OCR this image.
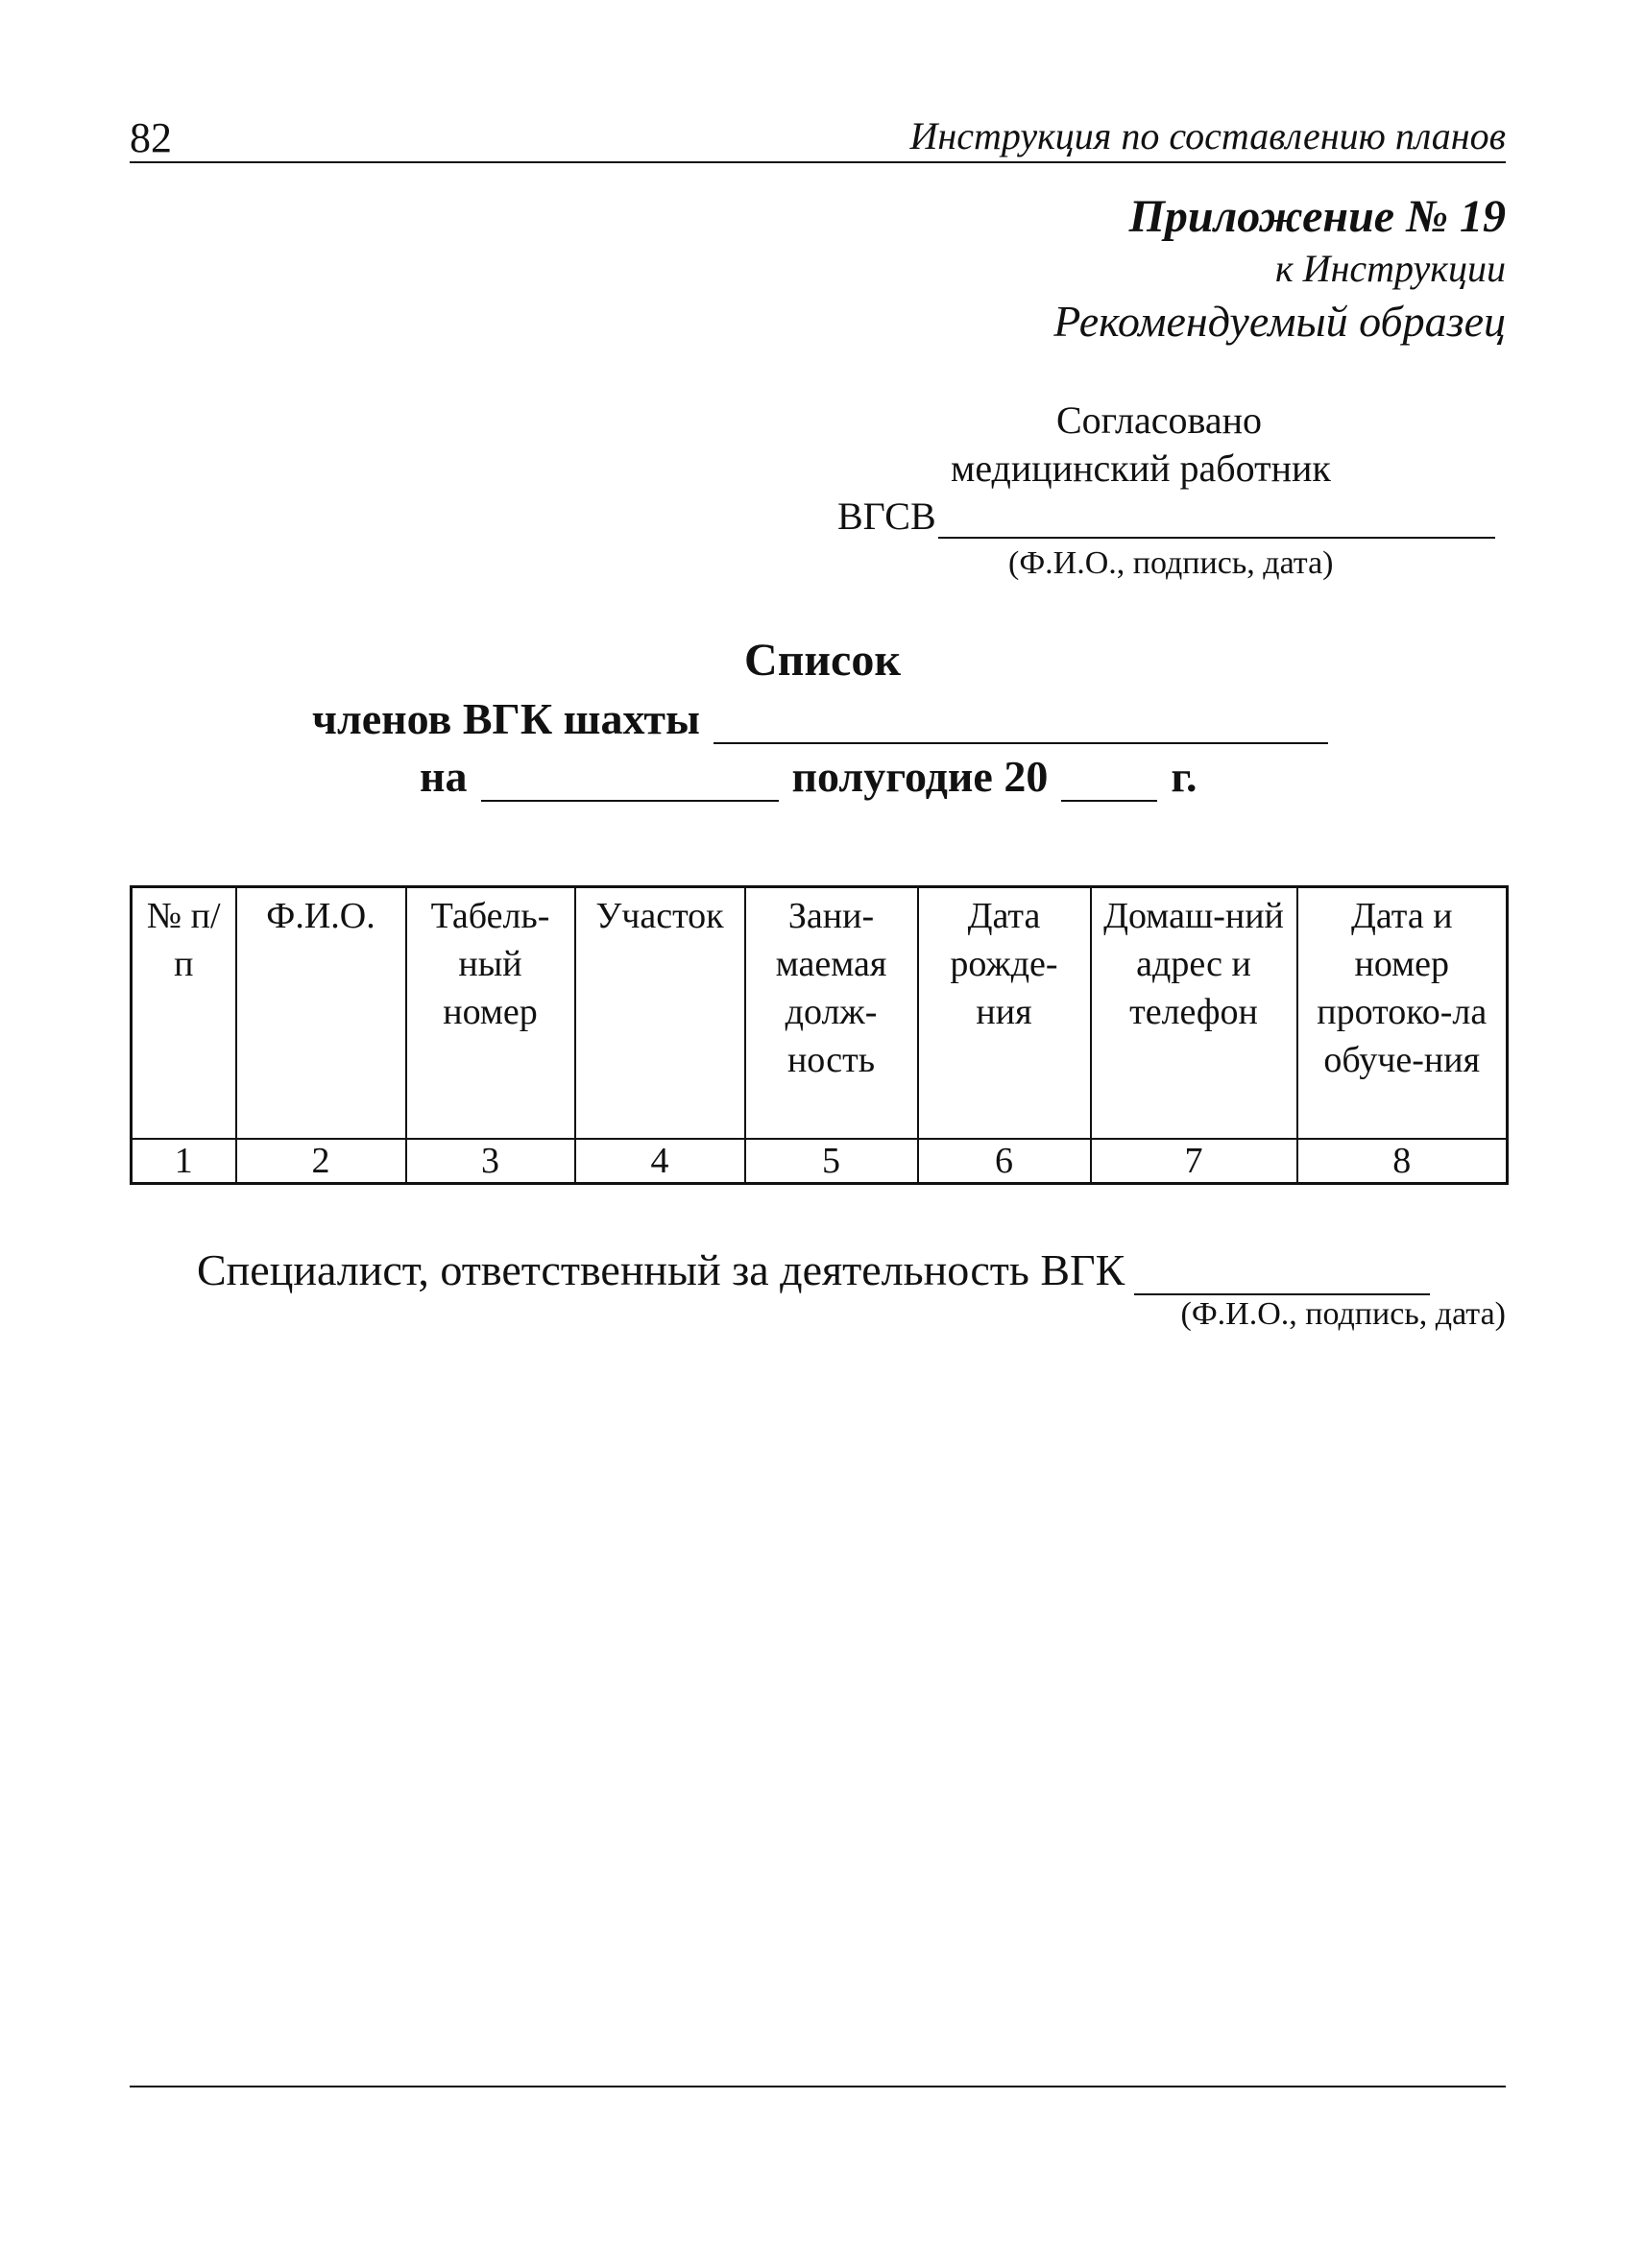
82	Инструкция по составлению планов
Приложение № 19
к Инструкции
Рекомендуемый образец
Согласовано
медицинский работник
ВГСВ
(Ф.И.О., подпись, дата)
Список
членов ВГК шахты
на	полугодие 20	г.
№ п/п	Ф.И.О.	Табель-ный номер	Участок	Зани-маемая долж-ность	Дата рожде-ния	Домаш-ний адрес и телефон	Дата и номер протоко-ла обуче-ния
1	2	3	4	5	6	7	8
Специалист, ответственный за деятельность ВГК
(Ф.И.О., подпись, дата)
